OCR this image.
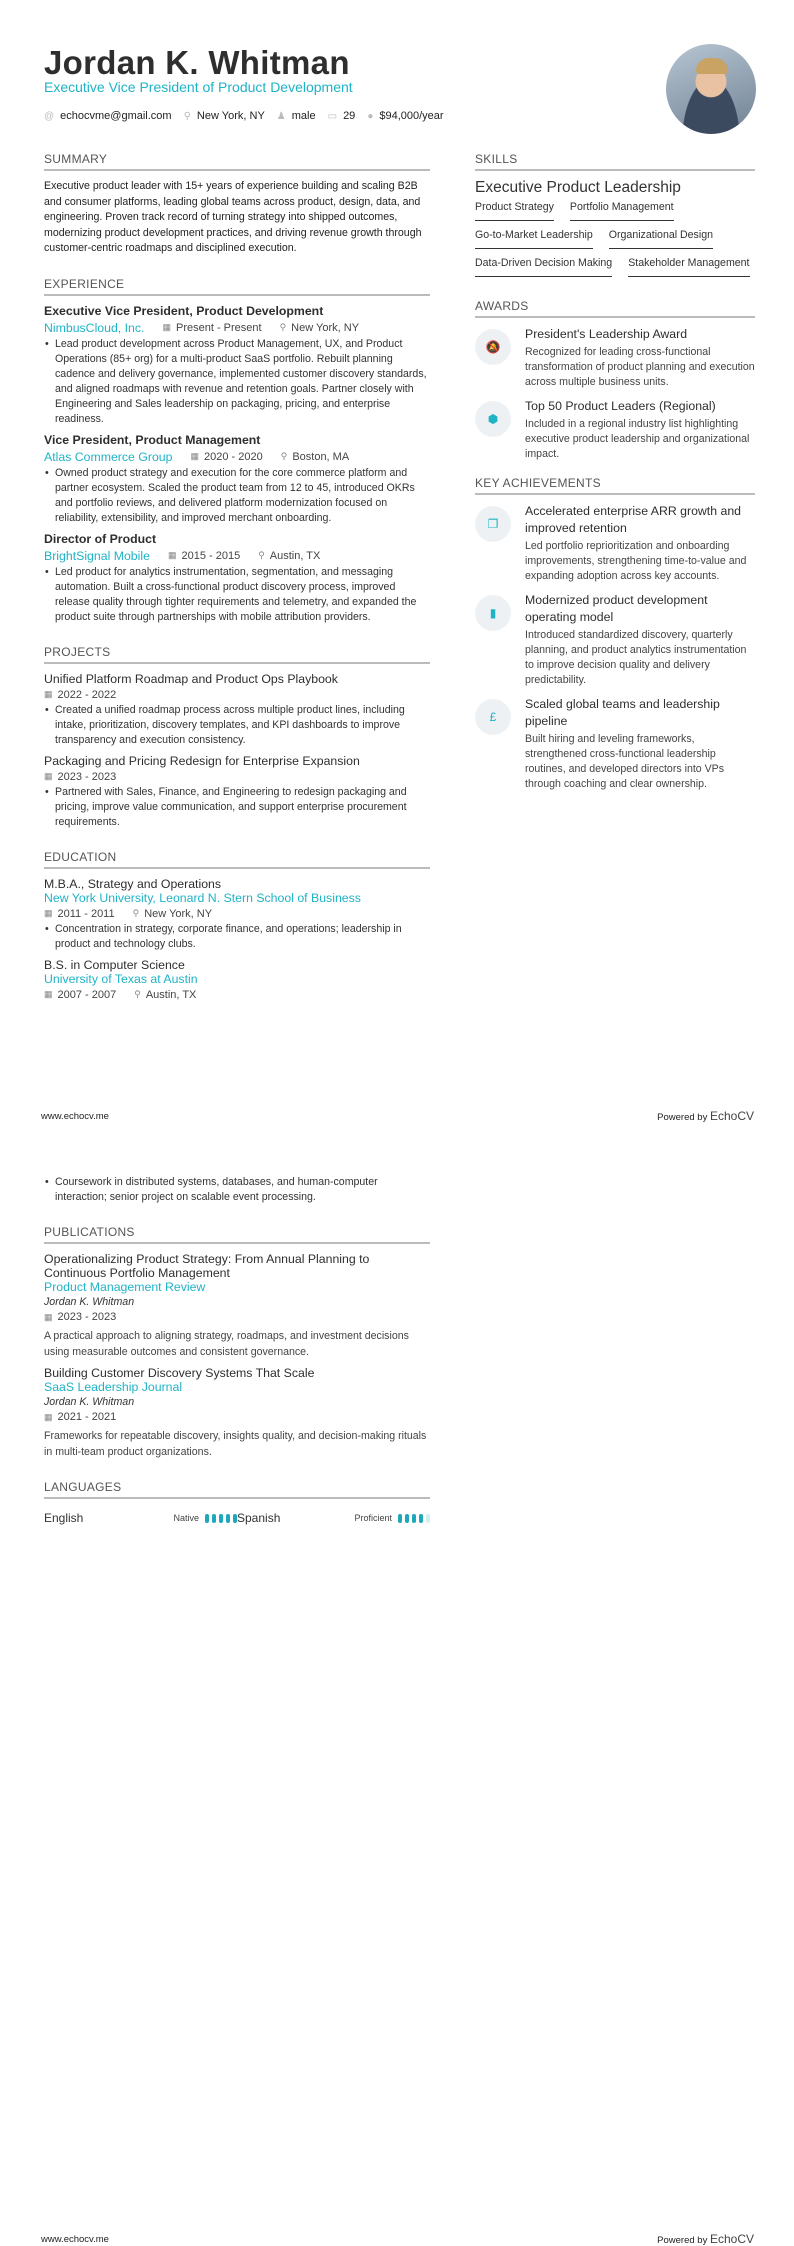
Jordan K. Whitman
Executive Vice President of Product Development
@ echocvme@gmail.com ⚲ New York, NY ♟ male ▭ 29 ● $94,000/year
SUMMARY
Executive product leader with 15+ years of experience building and scaling B2B and consumer platforms, leading global teams across product, design, data, and engineering. Proven track record of turning strategy into shipped outcomes, modernizing product development practices, and driving revenue growth through customer-centric roadmaps and disciplined execution.
EXPERIENCE
Executive Vice President, Product Development
NimbusCloud, Inc. ▦ Present - Present ⚲ New York, NY
• Lead product development across Product Management, UX, and Product Operations (85+ org) for a multi-product SaaS portfolio. Rebuilt planning cadence and delivery governance, implemented customer discovery standards, and aligned roadmaps with revenue and retention goals. Partner closely with Engineering and Sales leadership on packaging, pricing, and enterprise readiness.
Vice President, Product Management
Atlas Commerce Group ▦ 2020 - 2020 ⚲ Boston, MA
• Owned product strategy and execution for the core commerce platform and partner ecosystem. Scaled the product team from 12 to 45, introduced OKRs and portfolio reviews, and delivered platform modernization focused on reliability, extensibility, and improved merchant onboarding.
Director of Product
BrightSignal Mobile ▦ 2015 - 2015 ⚲ Austin, TX
• Led product for analytics instrumentation, segmentation, and messaging automation. Built a cross-functional product discovery process, improved release quality through tighter requirements and telemetry, and expanded the product suite through partnerships with mobile attribution providers.
PROJECTS
Unified Platform Roadmap and Product Ops Playbook
▦ 2022 - 2022
• Created a unified roadmap process across multiple product lines, including intake, prioritization, discovery templates, and KPI dashboards to improve transparency and execution consistency.
Packaging and Pricing Redesign for Enterprise Expansion
▦ 2023 - 2023
• Partnered with Sales, Finance, and Engineering to redesign packaging and pricing, improve value communication, and support enterprise procurement requirements.
EDUCATION
M.B.A., Strategy and Operations
New York University, Leonard N. Stern School of Business
▦ 2011 - 2011 ⚲ New York, NY
• Concentration in strategy, corporate finance, and operations; leadership in product and technology clubs.
B.S. in Computer Science
University of Texas at Austin
▦ 2007 - 2007 ⚲ Austin, TX
SKILLS
Executive Product Leadership
Product Strategy Portfolio Management
Go-to-Market Leadership Organizational Design
Data-Driven Decision Making Stakeholder Management
AWARDS
🔕
President's Leadership Award
Recognized for leading cross-functional transformation of product planning and execution across multiple business units.
⬢
Top 50 Product Leaders (Regional)
Included in a regional industry list highlighting executive product leadership and organizational impact.
KEY ACHIEVEMENTS
❐
Accelerated enterprise ARR growth and improved retention
Led portfolio reprioritization and onboarding improvements, strengthening time-to-value and expanding adoption across key accounts.
▮
Modernized product development operating model
Introduced standardized discovery, quarterly planning, and product analytics instrumentation to improve decision quality and delivery predictability.
£
Scaled global teams and leadership pipeline
Built hiring and leveling frameworks, strengthened cross-functional leadership routines, and developed directors into VPs through coaching and clear ownership.
www.echocv.me	Powered by EchoCV
• Coursework in distributed systems, databases, and human-computer interaction; senior project on scalable event processing.
PUBLICATIONS
Operationalizing Product Strategy: From Annual Planning to Continuous Portfolio Management
Product Management Review
Jordan K. Whitman
▦ 2023 - 2023
A practical approach to aligning strategy, roadmaps, and investment decisions using measurable outcomes and consistent governance.
Building Customer Discovery Systems That Scale
SaaS Leadership Journal
Jordan K. Whitman
▦ 2021 - 2021
Frameworks for repeatable discovery, insights quality, and decision-making rituals in multi-team product organizations.
LANGUAGES
English	Native	Spanish	Proficient
www.echocv.me	Powered by EchoCV
